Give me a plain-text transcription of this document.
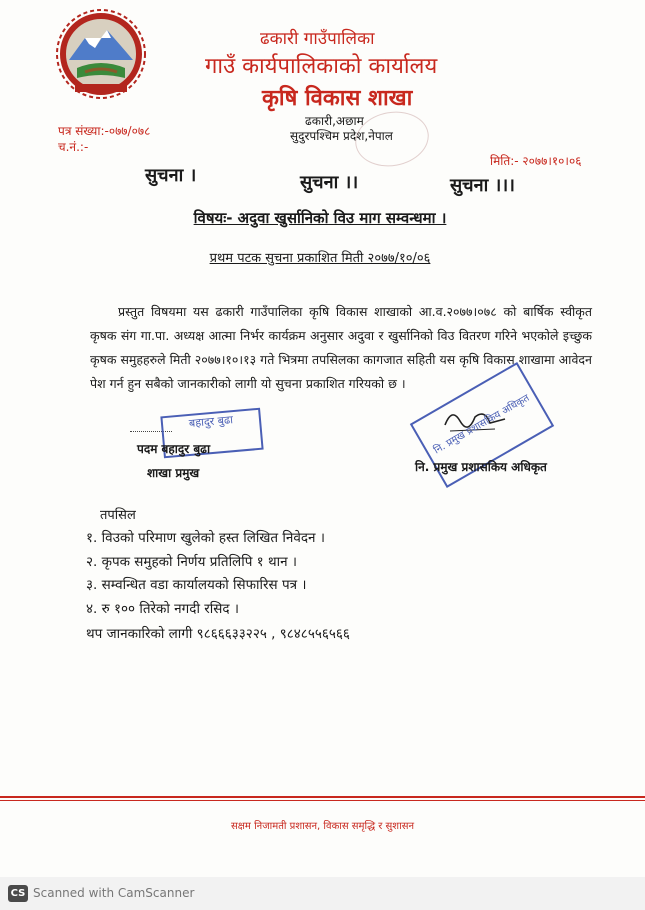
ढकारी गाउँपालिका
गाउँ कार्यपालिकाको कार्यालय
कृषि विकास शाखा
ढकारी,अछाम
सुदुरपश्चिम प्रदेश,नेपाल
पत्र संख्या:-०७७/०७८
च.नं.:-
मिति:- २०७७।१०।०६
सुचना ।	सुचना ।।	सुचना ।।।
विषयः- अदुवा खुर्सानिको विउ माग सम्वन्धमा ।
प्रथम पटक सुचना प्रकाशित मिती २०७७/१०/०६
प्रस्तुत विषयमा यस ढकारी गाउँपालिका कृषि विकास शाखाको आ.व.२०७७।०७८ को बार्षिक स्वीकृत कृषक संग गा.पा. अध्यक्ष आत्मा निर्भर कार्यक्रम अनुसार अदुवा र खुर्सानिको विउ वितरण गरिने भएकोले इच्छुक कृषक समुहहरुले मिती २०७७।१०।१३ गते भित्रमा तपसिलका कागजात सहिती यस कृषि विकास शाखामा आवेदन पेश गर्न हुन सबैको जानकारीको लागी यो सुचना प्रकाशित गरियको छ ।
बहादुर बुढा
पदम बहादुर बुढा
शाखा प्रमुख
नि. प्रमुख प्रशासकिय अधिकृत
नि. प्रमुख प्रशासकिय अधिकृत
तपसिल
१. विउको परिमाण खुलेको हस्त लिखित निवेदन ।
२. कृपक समुहको निर्णय प्रतिलिपि १ थान ।
३. सम्वन्धित वडा कार्यालयको सिफारिस पत्र ।
४. रु १०० तिरेको नगदी रसिद ।
थप जानकारिको लागी ९८६६६३३२२५ , ९८४८५५६५६६
सक्षम निजामती प्रशासन, विकास समृद्धि र सुशासन
CS Scanned with CamScanner
